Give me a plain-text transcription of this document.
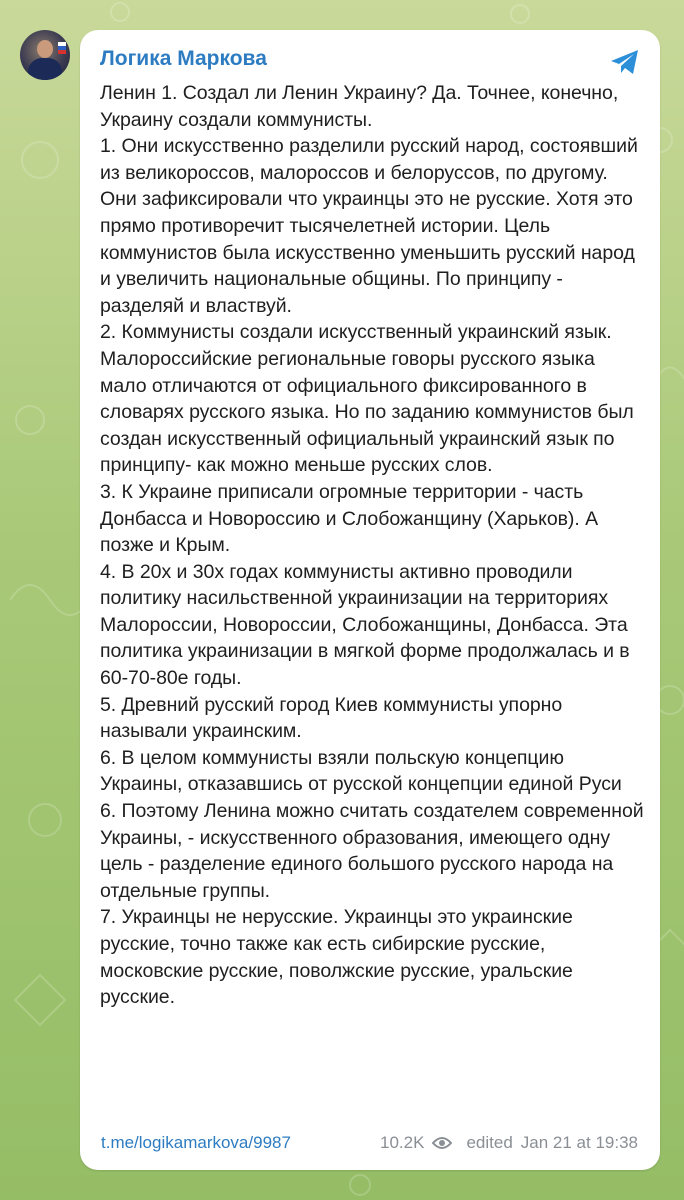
Логика Маркова

Ленин 1. Создал ли Ленин Украину? Да. Точнее, конечно, Украину создали коммунисты.
1. Они искусственно разделили русский народ, состоявший из великороссов, малороссов и белоруссов, по другому. Они зафиксировали что украинцы это не русские. Хотя это прямо противоречит тысячелетней истории. Цель коммунистов была искусственно уменьшить русский народ и увеличить национальные общины. По принципу - разделяй и властвуй.
2. Коммунисты создали искусственный украинский язык. Малороссийские региональные говоры русского языка мало отличаются от официального фиксированного в словарях русского языка. Но по заданию коммунистов был создан искусственный официальный украинский язык по принципу- как можно меньше русских слов.
3. К Украине приписали огромные территории - часть Донбасса и Новороссию и Слобожанщину (Харьков). А позже и Крым.
4. В 20х и 30х годах коммунисты активно проводили политику насильственной украинизации на территориях Малороссии, Новороссии, Слобожанщины, Донбасса. Эта политика украинизации в мягкой форме продолжалась и в 60-70-80е годы.
5. Древний русский город Киев коммунисты упорно называли украинским.
6. В целом коммунисты взяли польскую концепцию Украины, отказавшись от русской концепции единой Руси
6. Поэтому Ленина можно считать создателем современной Украины, - искусственного образования, имеющего одну цель - разделение единого большого русского народа на отдельные группы.
7. Украинцы не нерусские. Украинцы это украинские русские, точно также как есть сибирские русские, московские русские, поволжские русские, уральские русские.

t.me/logikamarkova/9987	10.2K edited Jan 21 at 19:38
